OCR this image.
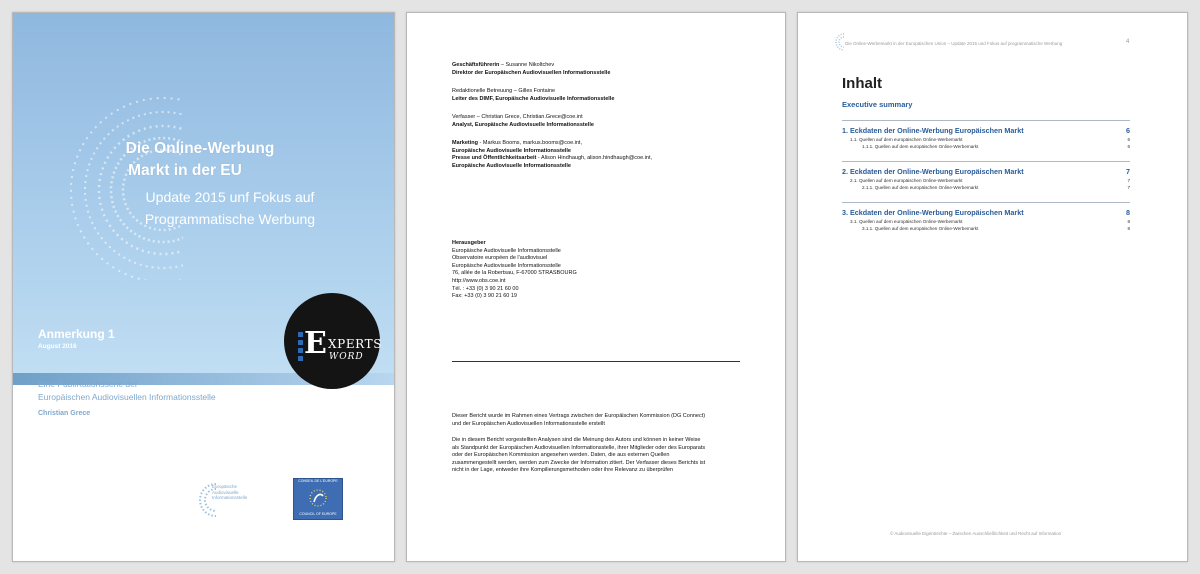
Die Online-Werbung
Markt in der EU
Update 2015 unf Fokus auf
Programmatische Werbung
Anmerkung 1
August 2016
Eine PubliKationsserie der
Europäischen Audiovisuellen Informationsstelle
Christian Grece
Europäische
Audiovisuelle
Informationsstelle
CONSEIL DE L'EUROPE
COUNCIL OF EUROPE
E XPERTS
WORD
Geschäftsführerin – Susanne Nikoltchev
Direktor der Europäischen Audiovisuellen Informationsstelle
Redaktionelle Betreuung – Gilles Fontaine
Leiter des DIMF, Europäische Audiovisuelle Informationsstelle
Verfasser – Christian Grece, Christian.Grece@coe.int
Analyst, Europäische Audiovisuelle Informationsstelle
Marketing - Markus Booms, markus.booms@coe.int,
Europäische Audiovisuelle Informationsstelle
Presse und Öffentlichkeitsarbeit - Alison Hindhaugh, alison.hindhaugh@coe.int,
Europäische Audiovisuelle Informationsstelle
Herausgeber
Europäische Audiovisuelle Informationsstelle
Observatoire européen de l'audiovisuel
Europäische Audiovisuelle Informationsstelle
76, allée de la Robertsau, F-67000 STRASBOURG
http://www.obs.coe.int
Tél. : +33 (0) 3 90 21 60 00
Fax: +33 (0) 3 90 21 60 19
Dieser Bericht wurde im Rahmen eines Vertrags zwischen der Europäischen Kommission (DG Connect)
und der Europäischen Audiovisuellen Informationsstelle erstellt
Die in diesem Bericht vorgestellten Analysen sind die Meinung des Autors und können in keiner Weise
als Standpunkt der Europäischen Audiovisuellen Informationsstelle, ihrer Mitglieder oder des Europarats
oder der Europäischen Kommission angesehen werden. Daten, die aus externen Quellen
zusammengestellt werden, werden zum Zwecke der Information zitiert. Der Verfasser dieses Berichts ist
nicht in der Lage, entweder ihre Kompilierungsmethoden oder ihre Relevanz zu überprüfen
Die Online-Werbemarkt in der Europäischen Union – Update 2015 und Fokus auf programmatische Werbung	4
Inhalt
Executive summary
1. Eckdaten der Online-Werbung Europäischen Markt	6
1.1. Quellen auf dem europäischen Online-Werbemarkt	6
1.1.1. Quellen auf dem europäischen Online-Werbemarkt	6
2. Eckdaten der Online-Werbung Europäischen Markt	7
2.1. Quellen auf dem europäischen Online-Werbemarkt	7
2.1.1. Quellen auf dem europäischen Online-Werbemarkt	7
3. Eckdaten der Online-Werbung Europäischen Markt	8
3.1. Quellen auf dem europäischen Online-Werbemarkt	8
3.1.1. Quellen auf dem europäischen Online-Werbemarkt	8
© Audiovisuelle Eigentrechte – Zwischen Ausschließlichkeit und Recht auf Information
